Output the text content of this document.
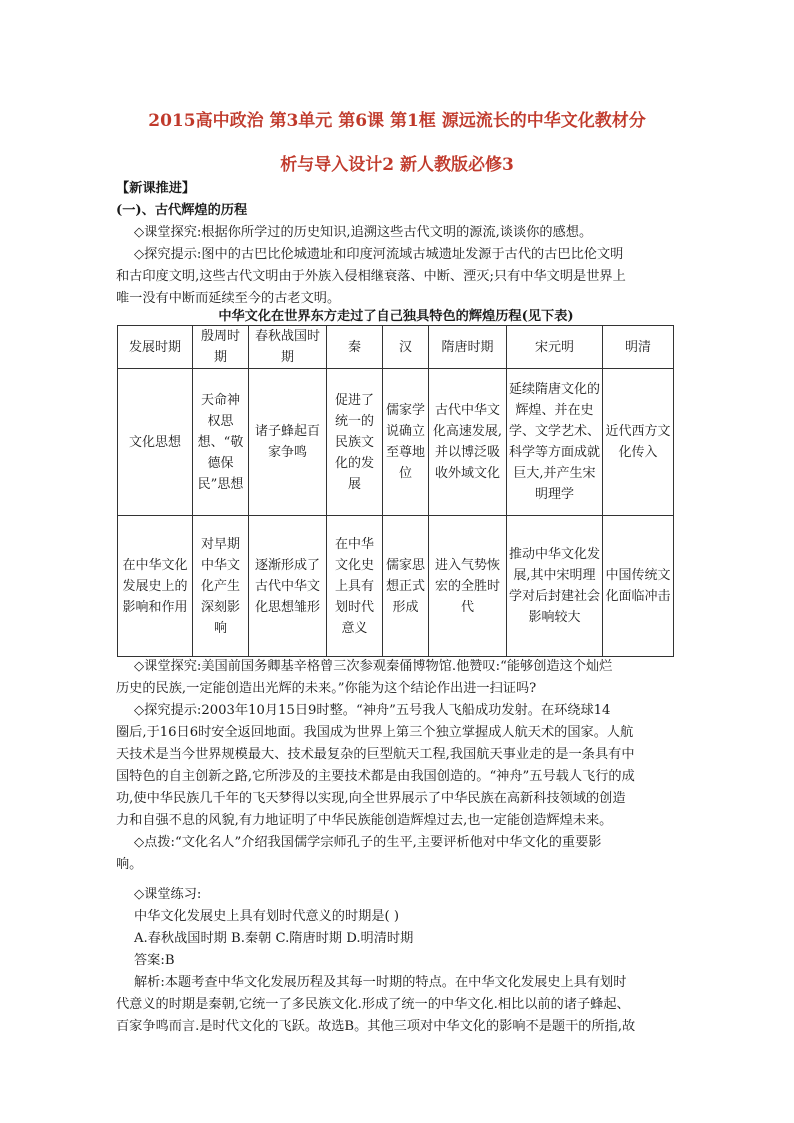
2015高中政治 第3单元 第6课 第1框 源远流长的中华文化教材分
析与导入设计2 新人教版必修3
【新课推进】
(一)、古代辉煌的历程
◇课堂探究:根据你所学过的历史知识,追溯这些古代文明的源流,谈谈你的感想。
◇探究提示:图中的古巴比伦城遗址和印度河流域古城遗址发源于古代的古巴比伦文明
和古印度文明,这些古代文明由于外族入侵相继衰落、中断、湮灭;只有中华文明是世界上
唯一没有中断而延续至今的古老文明。
中华文化在世界东方走过了自己独具特色的辉煌历程(见下表)
发展时期	殷周时期	春秋战国时期	秦	汉	隋唐时期	宋元明	明清
文化思想	天命神权思想、“敬德保民”思想	诸子蜂起百家争鸣	促进了统一的民族文化的发展	儒家学说确立至尊地位	古代中华文化高速发展,并以博泛吸收外域文化	延续隋唐文化的辉煌、并在史学、文学艺术、科学等方面成就巨大,并产生宋明理学	近代西方文化传入
在中华文化发展史上的影响和作用	对早期中华文化产生深刻影响	逐渐形成了古代中华文化思想雏形	在中华文化史上具有划时代意义	儒家思想正式形成	进入气势恢宏的全胜时代	推动中华文化发展,其中宋明理学对后封建社会影响较大	中国传统文化面临冲击
◇课堂探究:美国前国务卿基辛格曾三次参观秦俑博物馆.他赞叹:“能够创造这个灿烂
历史的民族,一定能创造出光辉的未来。”你能为这个结论作出进一扫证吗?
◇探究提示:2003年10月15日9时整。“神舟”五号我人飞船成功发射。在环绕球14
圈后,于16日6时安全返回地面。我国成为世界上第三个独立掌握成人航天术的国家。人航
天技术是当今世界规模最大、技术最复杂的巨型航天工程,我国航天事业走的是一条具有中
国特色的自主创新之路,它所涉及的主要技术都是由我国创造的。“神舟”五号载人飞行的成
功,使中华民族几千年的飞天梦得以实现,向全世界展示了中华民族在高新科技领域的创造
力和自强不息的风貌,有力地证明了中华民族能创造辉煌过去,也一定能创造辉煌未来。
◇点拨:“文化名人”介绍我国儒学宗师孔子的生平,主要评析他对中华文化的重要影
响。
◇课堂练习:
中华文化发展史上具有划时代意义的时期是( )
A.春秋战国时期 B.秦朝 C.隋唐时期 D.明清时期
答案:B
解析:本题考查中华文化发展历程及其每一时期的特点。在中华文化发展史上具有划时
代意义的时期是秦朝,它统一了多民族文化.形成了统一的中华文化.相比以前的诸子蜂起、
百家争鸣而言.是时代文化的飞跃。故选B。其他三项对中华文化的影响不是题干的所指,故
